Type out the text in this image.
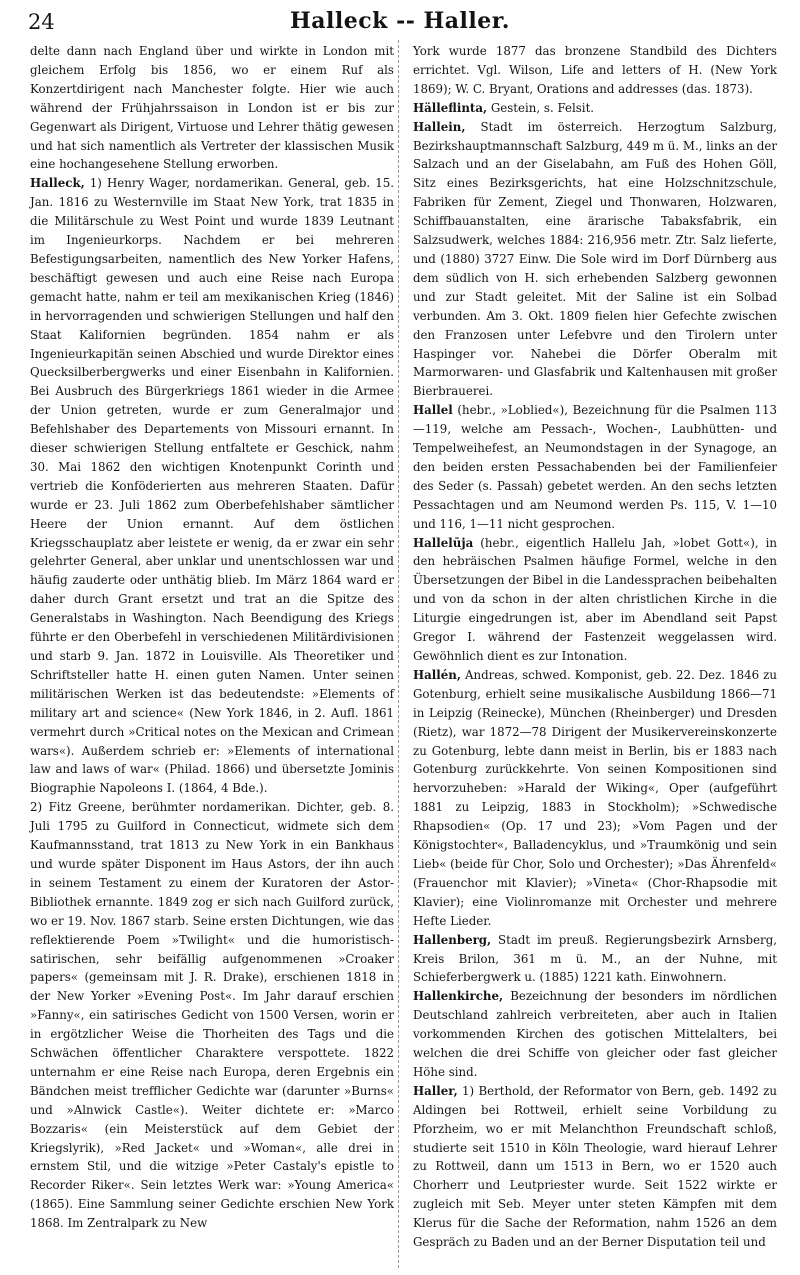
24	Halleck -- Haller.

delte dann nach England über und wirkte in London mit gleichem Erfolg bis 1856, wo er einem Ruf als Konzertdirigent nach Manchester folgte. Hier wie auch während der Frühjahrssaison in London ist er bis zur Gegenwart als Dirigent, Virtuose und Lehrer thätig gewesen und hat sich namentlich als Vertreter der klassischen Musik eine hochangesehene Stellung erworben.

Halleck, 1) Henry Wager, nordamerikan. General, geb. 15. Jan. 1816 zu Westernville im Staat New York, trat 1835 in die Militärschule zu West Point und wurde 1839 Leutnant im Ingenieurkorps. Nachdem er bei mehreren Befestigungsarbeiten, namentlich des New Yorker Hafens, beschäftigt gewesen und auch eine Reise nach Europa gemacht hatte, nahm er teil am mexikanischen Krieg (1846) in hervorragenden und schwierigen Stellungen und half den Staat Kalifornien begründen. 1854 nahm er als Ingenieurkapitän seinen Abschied und wurde Direktor eines Quecksilberbergwerks und einer Eisenbahn in Kalifornien. Bei Ausbruch des Bürgerkriegs 1861 wieder in die Armee der Union getreten, wurde er zum Generalmajor und Befehlshaber des Departements von Missouri ernannt. In dieser schwierigen Stellung entfaltete er Geschick, nahm 30. Mai 1862 den wichtigen Knotenpunkt Corinth und vertrieb die Konföderierten aus mehreren Staaten. Dafür wurde er 23. Juli 1862 zum Oberbefehlshaber sämtlicher Heere der Union ernannt. Auf dem östlichen Kriegsschauplatz aber leistete er wenig, da er zwar ein sehr gelehrter General, aber unklar und unentschlossen war und häufig zauderte oder unthätig blieb. Im März 1864 ward er daher durch Grant ersetzt und trat an die Spitze des Generalstabs in Washington. Nach Beendigung des Kriegs führte er den Oberbefehl in verschiedenen Militärdivisionen und starb 9. Jan. 1872 in Louisville. Als Theoretiker und Schriftsteller hatte H. einen guten Namen. Unter seinen militärischen Werken ist das bedeutendste: »Elements of military art and science« (New York 1846, in 2. Aufl. 1861 vermehrt durch »Critical notes on the Mexican and Crimean wars«). Außerdem schrieb er: »Elements of international law and laws of war« (Philad. 1866) und übersetzte Jominis Biographie Napoleons I. (1864, 4 Bde.).

2) Fitz Greene, berühmter nordamerikan. Dichter, geb. 8. Juli 1795 zu Guilford in Connecticut, widmete sich dem Kaufmannsstand, trat 1813 zu New York in ein Bankhaus und wurde später Disponent im Haus Astors, der ihn auch in seinem Testament zu einem der Kuratoren der Astor-Bibliothek ernannte. 1849 zog er sich nach Guilford zurück, wo er 19. Nov. 1867 starb. Seine ersten Dichtungen, wie das reflektierende Poem »Twilight« und die humoristisch-satirischen, sehr beifällig aufgenommenen »Croaker papers« (gemeinsam mit J. R. Drake), erschienen 1818 in der New Yorker »Evening Post«. Im Jahr darauf erschien »Fanny«, ein satirisches Gedicht von 1500 Versen, worin er in ergötzlicher Weise die Thorheiten des Tags und die Schwächen öffentlicher Charaktere verspottete. 1822 unternahm er eine Reise nach Europa, deren Ergebnis ein Bändchen meist trefflicher Gedichte war (darunter »Burns« und »Alnwick Castle«). Weiter dichtete er: »Marco Bozzaris« (ein Meisterstück auf dem Gebiet der Kriegslyrik), »Red Jacket« und »Woman«, alle drei in ernstem Stil, und die witzige »Peter Castaly's epistle to Recorder Riker«. Sein letztes Werk war: »Young America« (1865). Eine Sammlung seiner Gedichte erschien New York 1868. Im Zentralpark zu New

York wurde 1877 das bronzene Standbild des Dichters errichtet. Vgl. Wilson, Life and letters of H. (New York 1869); W. C. Bryant, Orations and addresses (das. 1873).

Hälleflinta, Gestein, s. Felsit.

Hallein, Stadt im österreich. Herzogtum Salzburg, Bezirkshauptmannschaft Salzburg, 449 m ü. M., links an der Salzach und an der Giselabahn, am Fuß des Hohen Göll, Sitz eines Bezirksgerichts, hat eine Holzschnitzschule, Fabriken für Zement, Ziegel und Thonwaren, Holzwaren, Schiffbauanstalten, eine ärarische Tabaksfabrik, ein Salzsudwerk, welches 1884: 216,956 metr. Ztr. Salz lieferte, und (1880) 3727 Einw. Die Sole wird im Dorf Dürnberg aus dem südlich von H. sich erhebenden Salzberg gewonnen und zur Stadt geleitet. Mit der Saline ist ein Solbad verbunden. Am 3. Okt. 1809 fielen hier Gefechte zwischen den Franzosen unter Lefebvre und den Tirolern unter Haspinger vor. Nahebei die Dörfer Oberalm mit Marmorwaren- und Glasfabrik und Kaltenhausen mit großer Bierbrauerei.

Hallel (hebr., »Loblied«), Bezeichnung für die Psalmen 113—119, welche am Pessach-, Wochen-, Laubhütten- und Tempelweihefest, an Neumondstagen in der Synagoge, an den beiden ersten Pessachabenden bei der Familienfeier des Seder (s. Passah) gebetet werden. An den sechs letzten Pessachtagen und am Neumond werden Ps. 115, V. 1—10 und 116, 1—11 nicht gesprochen.

Hallelūja (hebr., eigentlich Hallelu Jah, »lobet Gott«), in den hebräischen Psalmen häufige Formel, welche in den Übersetzungen der Bibel in die Landessprachen beibehalten und von da schon in der alten christlichen Kirche in die Liturgie eingedrungen ist, aber im Abendland seit Papst Gregor I. während der Fastenzeit weggelassen wird. Gewöhnlich dient es zur Intonation.

Hallén, Andreas, schwed. Komponist, geb. 22. Dez. 1846 zu Gotenburg, erhielt seine musikalische Ausbildung 1866—71 in Leipzig (Reinecke), München (Rheinberger) und Dresden (Rietz), war 1872—78 Dirigent der Musikervereinskonzerte zu Gotenburg, lebte dann meist in Berlin, bis er 1883 nach Gotenburg zurückkehrte. Von seinen Kompositionen sind hervorzuheben: »Harald der Wiking«, Oper (aufgeführt 1881 zu Leipzig, 1883 in Stockholm); »Schwedische Rhapsodien« (Op. 17 und 23); »Vom Pagen und der Königstochter«, Balladencyklus, und »Traumkönig und sein Lieb« (beide für Chor, Solo und Orchester); »Das Ährenfeld« (Frauenchor mit Klavier); »Vineta« (Chor-Rhapsodie mit Klavier); eine Violinromanze mit Orchester und mehrere Hefte Lieder.

Hallenberg, Stadt im preuß. Regierungsbezirk Arnsberg, Kreis Brilon, 361 m ü. M., an der Nuhne, mit Schieferbergwerk u. (1885) 1221 kath. Einwohnern.

Hallenkirche, Bezeichnung der besonders im nördlichen Deutschland zahlreich verbreiteten, aber auch in Italien vorkommenden Kirchen des gotischen Mittelalters, bei welchen die drei Schiffe von gleicher oder fast gleicher Höhe sind.

Haller, 1) Berthold, der Reformator von Bern, geb. 1492 zu Aldingen bei Rottweil, erhielt seine Vorbildung zu Pforzheim, wo er mit Melanchthon Freundschaft schloß, studierte seit 1510 in Köln Theologie, ward hierauf Lehrer zu Rottweil, dann um 1513 in Bern, wo er 1520 auch Chorherr und Leutpriester wurde. Seit 1522 wirkte er zugleich mit Seb. Meyer unter steten Kämpfen mit dem Klerus für die Sache der Reformation, nahm 1526 an dem Gespräch zu Baden und an der Berner Disputation teil und
